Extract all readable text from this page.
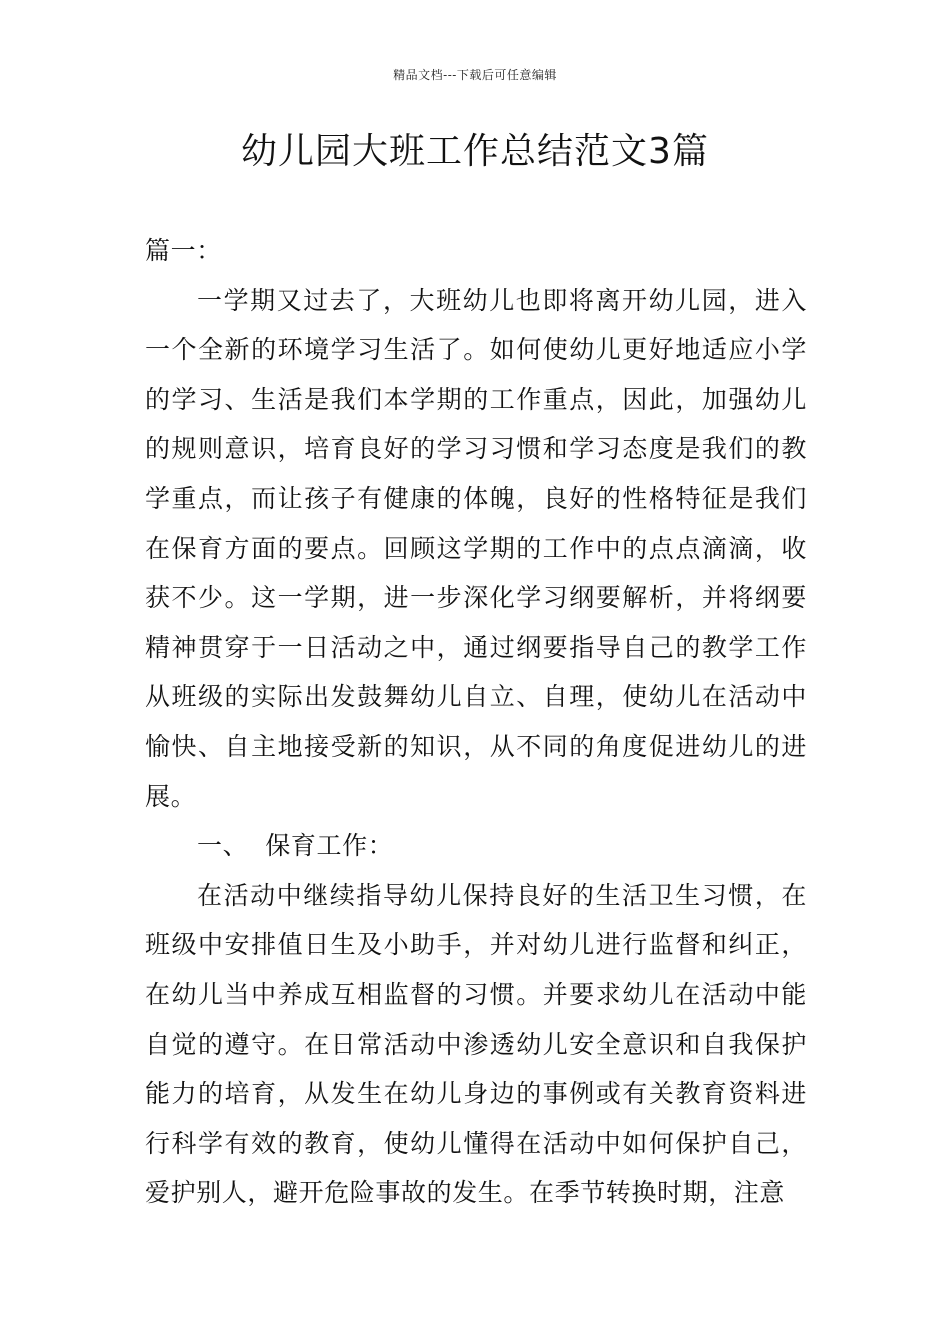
精品文档---下载后可任意编辑
幼儿园大班工作总结范文3篇

篇一：

一学期又过去了，大班幼儿也即将离开幼儿园，进入一个全新的环境学习生活了。如何使幼儿更好地适应小学的学习、生活是我们本学期的工作重点，因此，加强幼儿的规则意识，培育良好的学习习惯和学习态度是我们的教学重点，而让孩子有健康的体魄，良好的性格特征是我们在保育方面的要点。回顾这学期的工作中的点点滴滴，收获不少。这一学期，进一步深化学习纲要解析，并将纲要精神贯穿于一日活动之中，通过纲要指导自己的教学工作从班级的实际出发鼓舞幼儿自立、自理，使幼儿在活动中愉快、自主地接受新的知识，从不同的角度促进幼儿的进展。

一、  保育工作：

在活动中继续指导幼儿保持良好的生活卫生习惯，在班级中安排值日生及小助手，并对幼儿进行监督和纠正，在幼儿当中养成互相监督的习惯。并要求幼儿在活动中能自觉的遵守。在日常活动中渗透幼儿安全意识和自我保护能力的培育，从发生在幼儿身边的事例或有关教育资料进行科学有效的教育，使幼儿懂得在活动中如何保护自己，爱护别人，避开危险事故的发生。在季节转换时期，注意
